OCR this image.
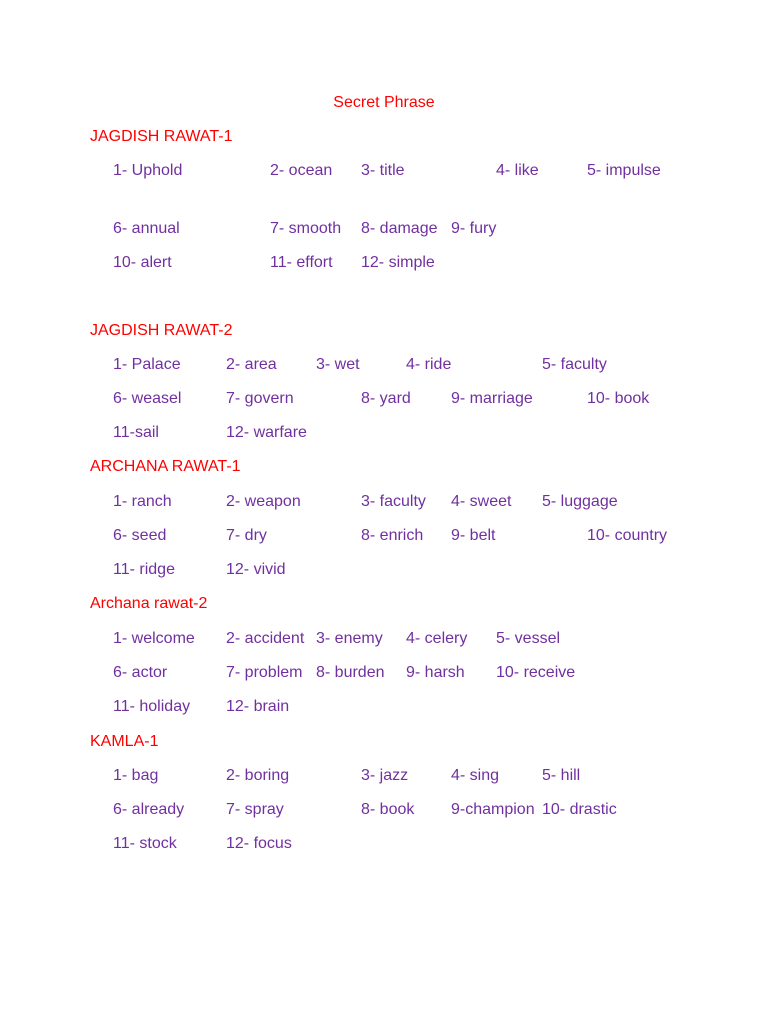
Secret Phrase
JAGDISH RAWAT-1
1- Uphold	2- ocean 3- title	4- like	5- impulse
6- annual	7- smooth 8- damage 9- fury
10- alert	11- effort 12- simple
JAGDISH RAWAT-2
1- Palace	2- area 3- wet	4- ride	5- faculty
6- weasel	7- govern	8- yard	9- marriage	10- book
11-sail	12- warfare
ARCHANA RAWAT-1
1- ranch	2- weapon	3- faculty 4- sweet 5- luggage
6- seed	7- dry	8- enrich 9- belt	10- country
11- ridge	12- vivid
Archana rawat-2
1- welcome 2- accident 3- enemy 4- celery 5- vessel
6- actor	7- problem 8- burden 9- harsh 10- receive
11- holiday 12- brain
KAMLA-1
1- bag	2- boring	3- jazz	4- sing	5- hill
6- already	7- spray	8- book 9-champion 10- drastic
11- stock	12- focus
